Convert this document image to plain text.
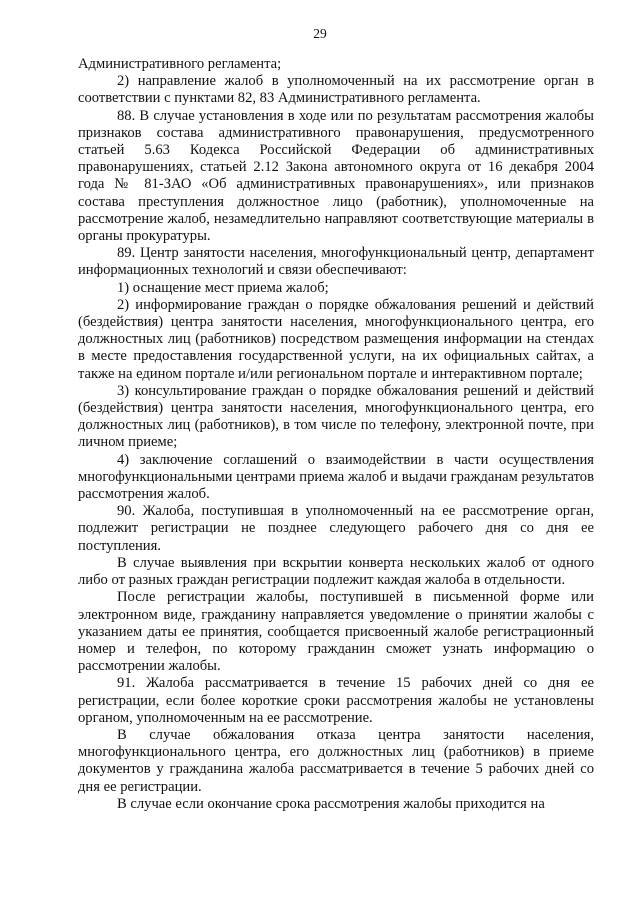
29

Административного регламента;

2) направление жалоб в уполномоченный на их рассмотрение орган в соответствии с пунктами 82, 83 Административного регламента.

88. В случае установления в ходе или по результатам рассмотрения жалобы признаков состава административного правонарушения, предусмотренного статьей 5.63 Кодекса Российской Федерации об административных правонарушениях, статьей 2.12 Закона автономного округа от 16 декабря 2004 года № 81-ЗАО «Об административных правонарушениях», или признаков состава преступления должностное лицо (работник), уполномоченные на рассмотрение жалоб, незамедлительно направляют соответствующие материалы в органы прокуратуры.

89. Центр занятости населения, многофункциональный центр, департамент информационных технологий и связи обеспечивают:

1) оснащение мест приема жалоб;

2) информирование граждан о порядке обжалования решений и действий (бездействия) центра занятости населения, многофункционального центра, его должностных лиц (работников) посредством размещения информации на стендах в месте предоставления государственной услуги, на их официальных сайтах, а также на едином портале и/или региональном портале и интерактивном портале;

3) консультирование граждан о порядке обжалования решений и действий (бездействия) центра занятости населения, многофункционального центра, его должностных лиц (работников), в том числе по телефону, электронной почте, при личном приеме;

4) заключение соглашений о взаимодействии в части осуществления многофункциональными центрами приема жалоб и выдачи гражданам результатов рассмотрения жалоб.

90. Жалоба, поступившая в уполномоченный на ее рассмотрение орган, подлежит регистрации не позднее следующего рабочего дня со дня ее поступления.

В случае выявления при вскрытии конверта нескольких жалоб от одного либо от разных граждан регистрации подлежит каждая жалоба в отдельности.

После регистрации жалобы, поступившей в письменной форме или электронном виде, гражданину направляется уведомление о принятии жалобы с указанием даты ее принятия, сообщается присвоенный жалобе регистрационный номер и телефон, по которому гражданин сможет узнать информацию о рассмотрении жалобы.

91. Жалоба рассматривается в течение 15 рабочих дней со дня ее регистрации, если более короткие сроки рассмотрения жалобы не установлены органом, уполномоченным на ее рассмотрение.

В случае обжалования отказа центра занятости населения, многофункционального центра, его должностных лиц (работников) в приеме документов у гражданина жалоба рассматривается в течение 5 рабочих дней со дня ее регистрации.

В случае если окончание срока рассмотрения жалобы приходится на
